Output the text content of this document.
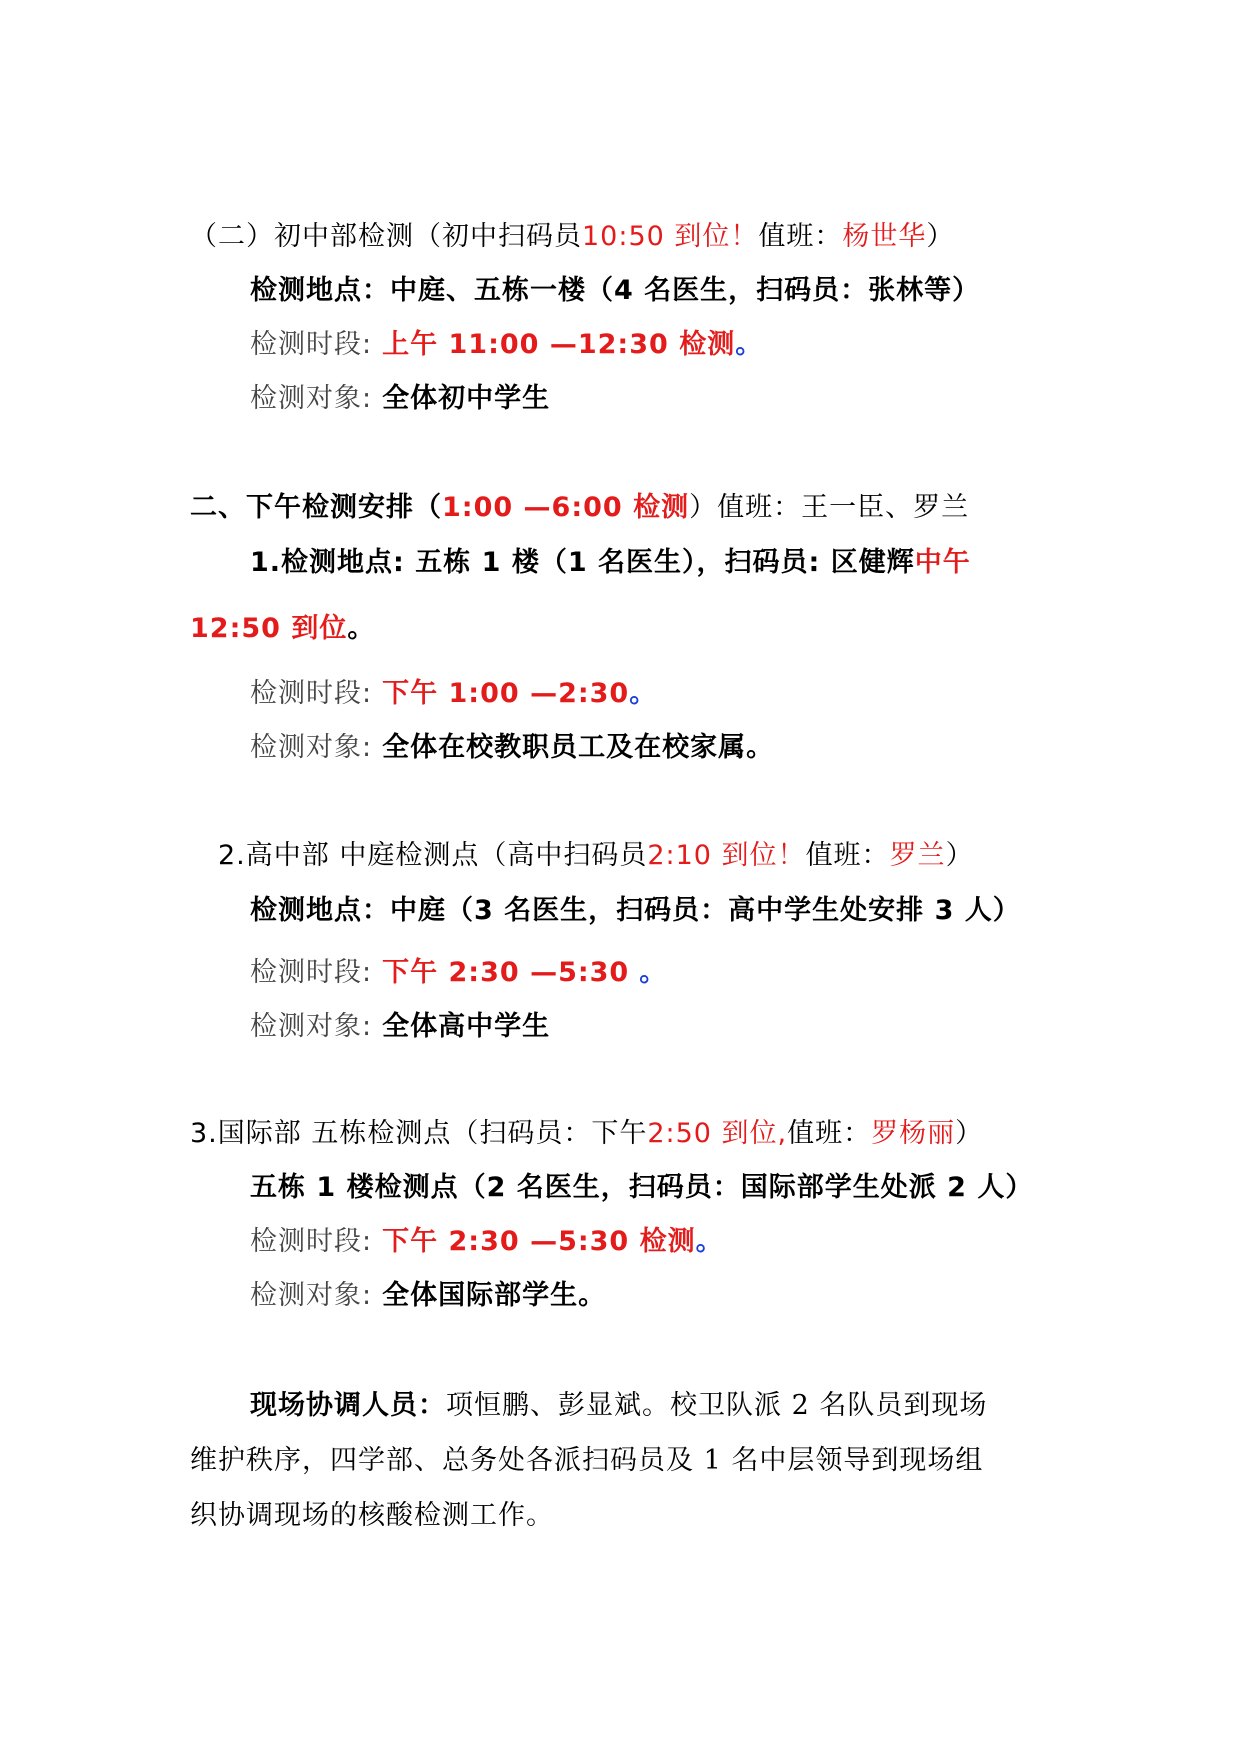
（二）初中部检测（初中扫码员10:50 到位！值班：杨世华）
检测地点：中庭、五栋一楼（4 名医生，扫码员：张林等）
检测时段: 上午 11:00 —12:30 检测。
检测对象: 全体初中学生
二、下午检测安排（1:00 —6:00 检测）值班：王一臣、罗兰
1.检测地点: 五栋 1 楼（1 名医生），扫码员: 区健辉中午
12:50 到位。
检测时段: 下午 1:00 —2:30。
检测对象: 全体在校教职员工及在校家属。
2.高中部 中庭检测点（高中扫码员2:10 到位！值班：罗兰）
检测地点：中庭（3 名医生，扫码员：高中学生处安排 3 人）
检测时段: 下午 2:30 —5:30 。
检测对象: 全体高中学生
3.国际部 五栋检测点（扫码员：下午2:50 到位,值班：罗杨丽）
五栋 1 楼检测点（2 名医生，扫码员：国际部学生处派 2 人）
检测时段: 下午 2:30 —5:30 检测。
检测对象: 全体国际部学生。
现场协调人员：项恒鹏、彭显斌。校卫队派 2 名队员到现场
维护秩序，四学部、总务处各派扫码员及 1 名中层领导到现场组
织协调现场的核酸检测工作。
